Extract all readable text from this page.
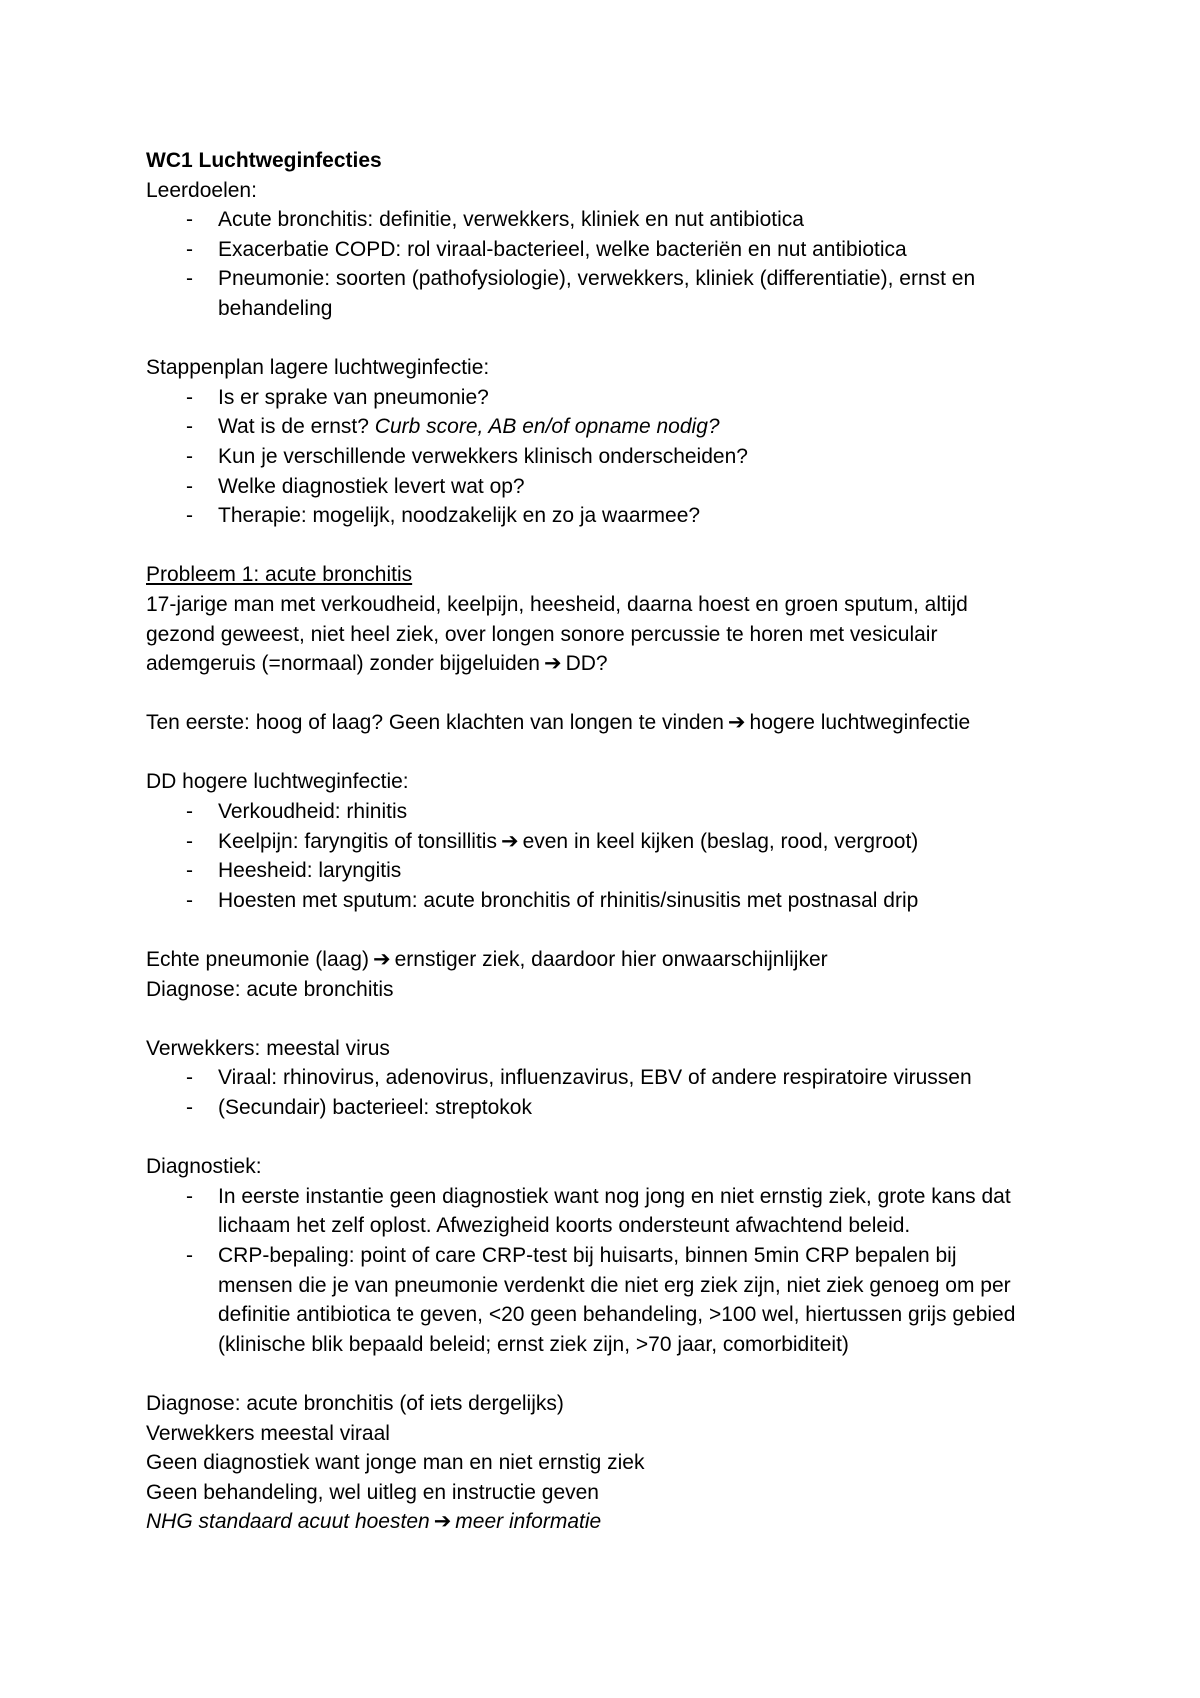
WC1 Luchtweginfecties
Leerdoelen:
- Acute bronchitis: definitie, verwekkers, kliniek en nut antibiotica
- Exacerbatie COPD: rol viraal-bacterieel, welke bacteriën en nut antibiotica
- Pneumonie: soorten (pathofysiologie), verwekkers, kliniek (differentiatie), ernst en
behandeling
Stappenplan lagere luchtweginfectie:
- Is er sprake van pneumonie?
- Wat is de ernst? Curb score, AB en/of opname nodig?
- Kun je verschillende verwekkers klinisch onderscheiden?
- Welke diagnostiek levert wat op?
- Therapie: mogelijk, noodzakelijk en zo ja waarmee?
Probleem 1: acute bronchitis
17-jarige man met verkoudheid, keelpijn, heesheid, daarna hoest en groen sputum, altijd
gezond geweest, niet heel ziek, over longen sonore percussie te horen met vesiculair
ademgeruis (=normaal) zonder bijgeluiden ➔ DD?
Ten eerste: hoog of laag? Geen klachten van longen te vinden ➔ hogere luchtweginfectie
DD hogere luchtweginfectie:
- Verkoudheid: rhinitis
- Keelpijn: faryngitis of tonsillitis ➔ even in keel kijken (beslag, rood, vergroot)
- Heesheid: laryngitis
- Hoesten met sputum: acute bronchitis of rhinitis/sinusitis met postnasal drip
Echte pneumonie (laag) ➔ ernstiger ziek, daardoor hier onwaarschijnlijker
Diagnose: acute bronchitis
Verwekkers: meestal virus
- Viraal: rhinovirus, adenovirus, influenzavirus, EBV of andere respiratoire virussen
- (Secundair) bacterieel: streptokok
Diagnostiek:
- In eerste instantie geen diagnostiek want nog jong en niet ernstig ziek, grote kans dat
lichaam het zelf oplost. Afwezigheid koorts ondersteunt afwachtend beleid.
- CRP-bepaling: point of care CRP-test bij huisarts, binnen 5min CRP bepalen bij
mensen die je van pneumonie verdenkt die niet erg ziek zijn, niet ziek genoeg om per
definitie antibiotica te geven, <20 geen behandeling, >100 wel, hiertussen grijs gebied
(klinische blik bepaald beleid; ernst ziek zijn, >70 jaar, comorbiditeit)
Diagnose: acute bronchitis (of iets dergelijks)
Verwekkers meestal viraal
Geen diagnostiek want jonge man en niet ernstig ziek
Geen behandeling, wel uitleg en instructie geven
NHG standaard acuut hoesten ➔ meer informatie
